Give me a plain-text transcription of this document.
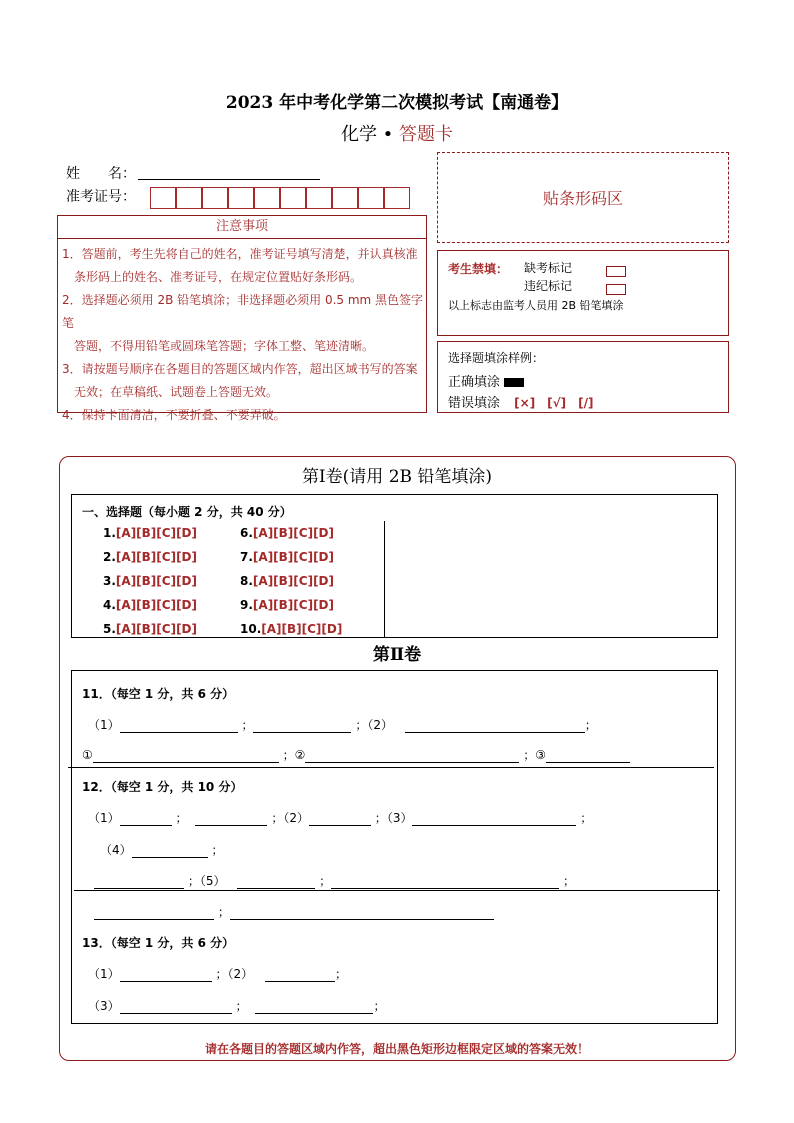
2023 年中考化学第二次模拟考试【南通卷】
化学 • 答题卡
姓　　名：
准考证号：	贴条形码区
注意事项
1．答题前，考生先将自己的姓名，准考证号填写清楚，并认真核准
　条形码上的姓名、准考证号，在规定位置贴好条形码。
2．选择题必须用 2B 铅笔填涂；非选择题必须用 0.5 mm 黑色签字笔
　答题，不得用铅笔或圆珠笔答题；字体工整、笔迹清晰。
3．请按题号顺序在各题目的答题区域内作答，超出区域书写的答案
　无效；在草稿纸、试题卷上答题无效。
4．保持卡面清洁，不要折叠、不要弄破。
考生禁填： 缺考标记
违纪标记
以上标志由监考人员用 2B 铅笔填涂
选择题填涂样例：
正确填涂
错误填涂 [×]　[√]　[/]
第Ⅰ卷(请用 2B 铅笔填涂)
一、选择题（每小题 2 分，共 40 分）
1.[A][B][C][D]
2.[A][B][C][D]
3.[A][B][C][D]
4.[A][B][C][D]
5.[A][B][C][D]
6.[A][B][C][D]
7.[A][B][C][D]
8.[A][B][C][D]
9.[A][B][C][D]
10.[A][B][C][D]
第Ⅱ卷
11．（每空 1 分，共 6 分）
（1）	；	；（2）	；
①	；②	；③
12．（每空 1 分，共 10 分）
（1）	；	；（2）	；（3）	；
（4）	；
；（5）	；	；
；
13．（每空 1 分，共 6 分）
（1）	；（2）	；
（3）	；	；
请在各题目的答题区域内作答，超出黑色矩形边框限定区域的答案无效！
